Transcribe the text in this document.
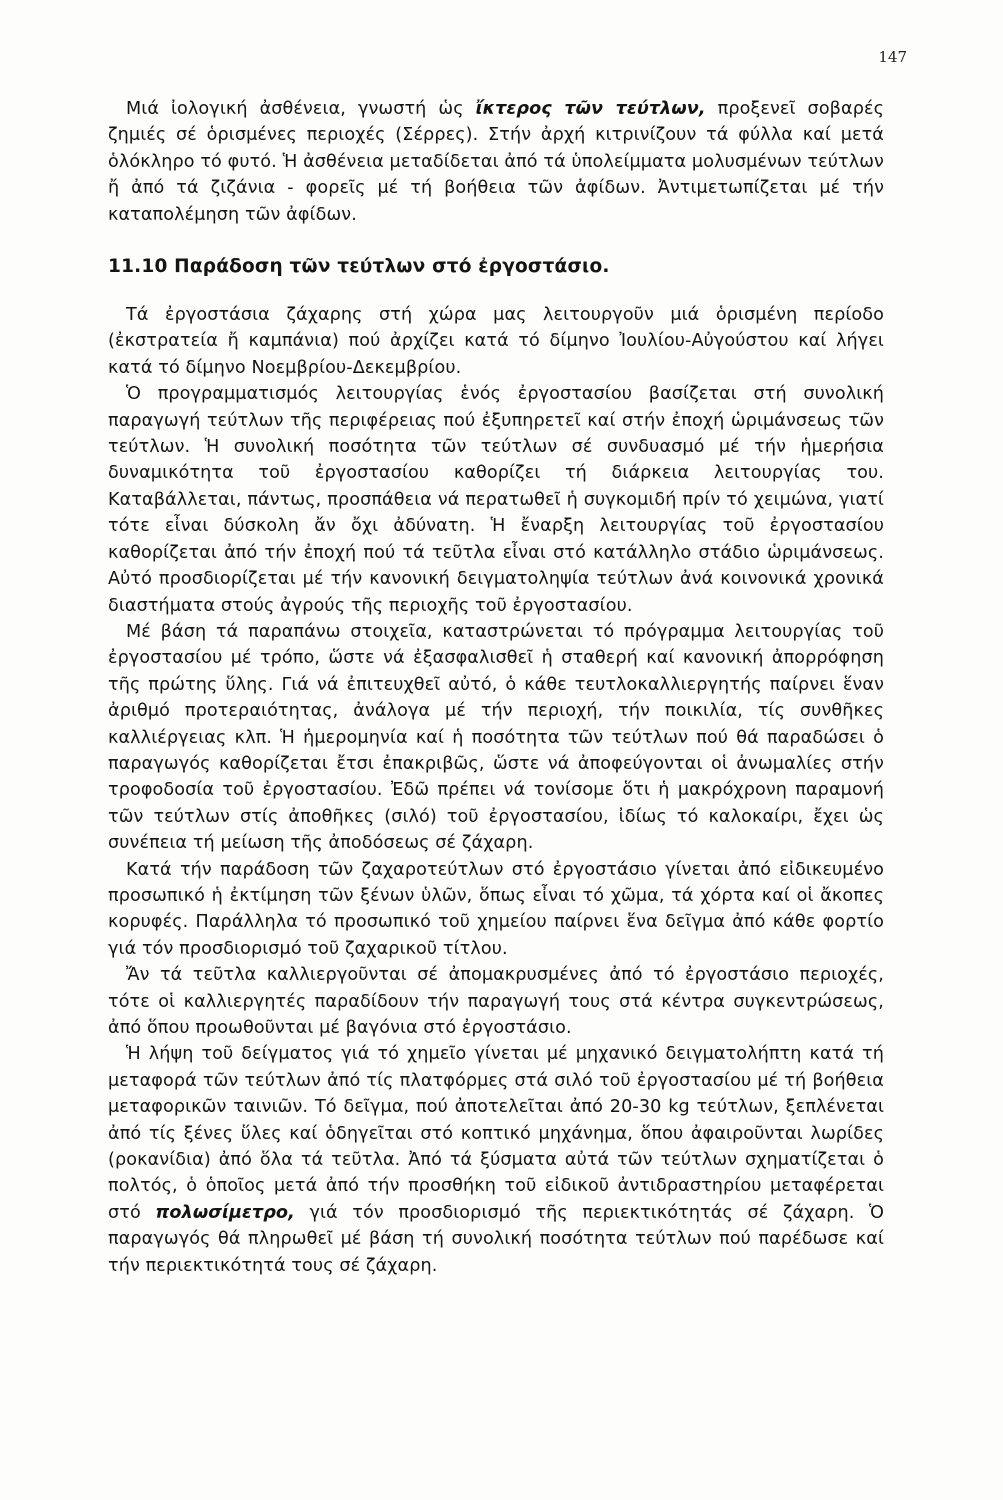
147

Μιά ἰολογική ἀσθένεια, γνωστή ὡς ἴκτερος τῶν τεύτλων, προξενεῖ σοβαρές ζημιές σέ ὁρισμένες περιοχές (Σέρρες). Στήν ἀρχή κιτρινίζουν τά φύλλα καί μετά ὁλόκληρο τό φυτό. Ἡ ἀσθένεια μεταδίδεται ἀπό τά ὑπολείμματα μολυσμένων τεύτλων ἤ ἀπό τά ζιζάνια - φορεῖς μέ τή βοήθεια τῶν ἀφίδων. Ἀντιμετωπίζεται μέ τήν καταπολέμηση τῶν ἀφίδων.

11.10 Παράδοση τῶν τεύτλων στό ἐργοστάσιο.

Τά ἐργοστάσια ζάχαρης στή χώρα μας λειτουργοῦν μιά ὁρισμένη περίοδο (ἐκστρατεία ἤ καμπάνια) πού ἀρχίζει κατά τό δίμηνο Ἰουλίου-Αὐγούστου καί λήγει κατά τό δίμηνο Νοεμβρίου-Δεκεμβρίου.

Ὁ προγραμματισμός λειτουργίας ἑνός ἐργοστασίου βασίζεται στή συνολική παραγωγή τεύτλων τῆς περιφέρειας πού ἐξυπηρετεῖ καί στήν ἐποχή ὡριμάνσεως τῶν τεύτλων. Ἡ συνολική ποσότητα τῶν τεύτλων σέ συνδυασμό μέ τήν ἡμερήσια δυναμικότητα τοῦ ἐργοστασίου καθορίζει τή διάρκεια λειτουργίας του. Καταβάλλεται, πάντως, προσπάθεια νά περατωθεῖ ἡ συγκομιδή πρίν τό χειμώνα, γιατί τότε εἶναι δύσκολη ἄν ὄχι ἀδύνατη. Ἡ ἔναρξη λειτουργίας τοῦ ἐργοστασίου καθορίζεται ἀπό τήν ἐποχή πού τά τεῦτλα εἶναι στό κατάλληλο στάδιο ὡριμάνσεως. Αὐτό προσδιορίζεται μέ τήν κανονική δειγματοληψία τεύτλων ἀνά κοινονικά χρονικά διαστήματα στούς ἀγρούς τῆς περιοχῆς τοῦ ἐργοστασίου.

Μέ βάση τά παραπάνω στοιχεῖα, καταστρώνεται τό πρόγραμμα λειτουργίας τοῦ ἐργοστασίου μέ τρόπο, ὥστε νά ἐξασφαλισθεῖ ἡ σταθερή καί κανονική ἀπορρόφηση τῆς πρώτης ὕλης. Γιά νά ἐπιτευχθεῖ αὐτό, ὁ κάθε τευτλοκαλλιεργητής παίρνει ἕναν ἀριθμό προτεραιότητας, ἀνάλογα μέ τήν περιοχή, τήν ποικιλία, τίς συνθῆκες καλλιέργειας κλπ. Ἡ ἡμερομηνία καί ἡ ποσότητα τῶν τεύτλων πού θά παραδώσει ὁ παραγωγός καθορίζεται ἔτσι ἐπακριβῶς, ὥστε νά ἀποφεύγονται οἱ ἀνωμαλίες στήν τροφοδοσία τοῦ ἐργοστασίου. Ἐδῶ πρέπει νά τονίσομε ὅτι ἡ μακρόχρονη παραμονή τῶν τεύτλων στίς ἀποθῆκες (σιλό) τοῦ ἐργοστασίου, ἰδίως τό καλοκαίρι, ἔχει ὡς συνέπεια τή μείωση τῆς ἀποδόσεως σέ ζάχαρη.

Κατά τήν παράδοση τῶν ζαχαροτεύτλων στό ἐργοστάσιο γίνεται ἀπό εἰδικευμένο προσωπικό ἡ ἐκτίμηση τῶν ξένων ὑλῶν, ὅπως εἶναι τό χῶμα, τά χόρτα καί οἱ ἄκοπες κορυφές. Παράλληλα τό προσωπικό τοῦ χημείου παίρνει ἕνα δεῖγμα ἀπό κάθε φορτίο γιά τόν προσδιορισμό τοῦ ζαχαρικοῦ τίτλου.

Ἄν τά τεῦτλα καλλιεργοῦνται σέ ἀπομακρυσμένες ἀπό τό ἐργοστάσιο περιοχές, τότε οἱ καλλιεργητές παραδίδουν τήν παραγωγή τους στά κέντρα συγκεντρώσεως, ἀπό ὅπου προωθοῦνται μέ βαγόνια στό ἐργοστάσιο.

Ἡ λήψη τοῦ δείγματος γιά τό χημεῖο γίνεται μέ μηχανικό δειγματολήπτη κατά τή μεταφορά τῶν τεύτλων ἀπό τίς πλατφόρμες στά σιλό τοῦ ἐργοστασίου μέ τή βοήθεια μεταφορικῶν ταινιῶν. Τό δεῖγμα, πού ἀποτελεῖται ἀπό 20-30 kg τεύτλων, ξεπλένεται ἀπό τίς ξένες ὕλες καί ὁδηγεῖται στό κοπτικό μηχάνημα, ὅπου ἀφαιροῦνται λωρίδες (ροκανίδια) ἀπό ὅλα τά τεῦτλα. Ἀπό τά ξύσματα αὐτά τῶν τεύτλων σχηματίζεται ὁ πολτός, ὁ ὁποῖος μετά ἀπό τήν προσθήκη τοῦ εἰδικοῦ ἀντιδραστηρίου μεταφέρεται στό πολωσίμετρο, γιά τόν προσδιορισμό τῆς περιεκτικότητάς σέ ζάχαρη. Ὁ παραγωγός θά πληρωθεῖ μέ βάση τή συνολική ποσότητα τεύτλων πού παρέδωσε καί τήν περιεκτικότητά τους σέ ζάχαρη.
